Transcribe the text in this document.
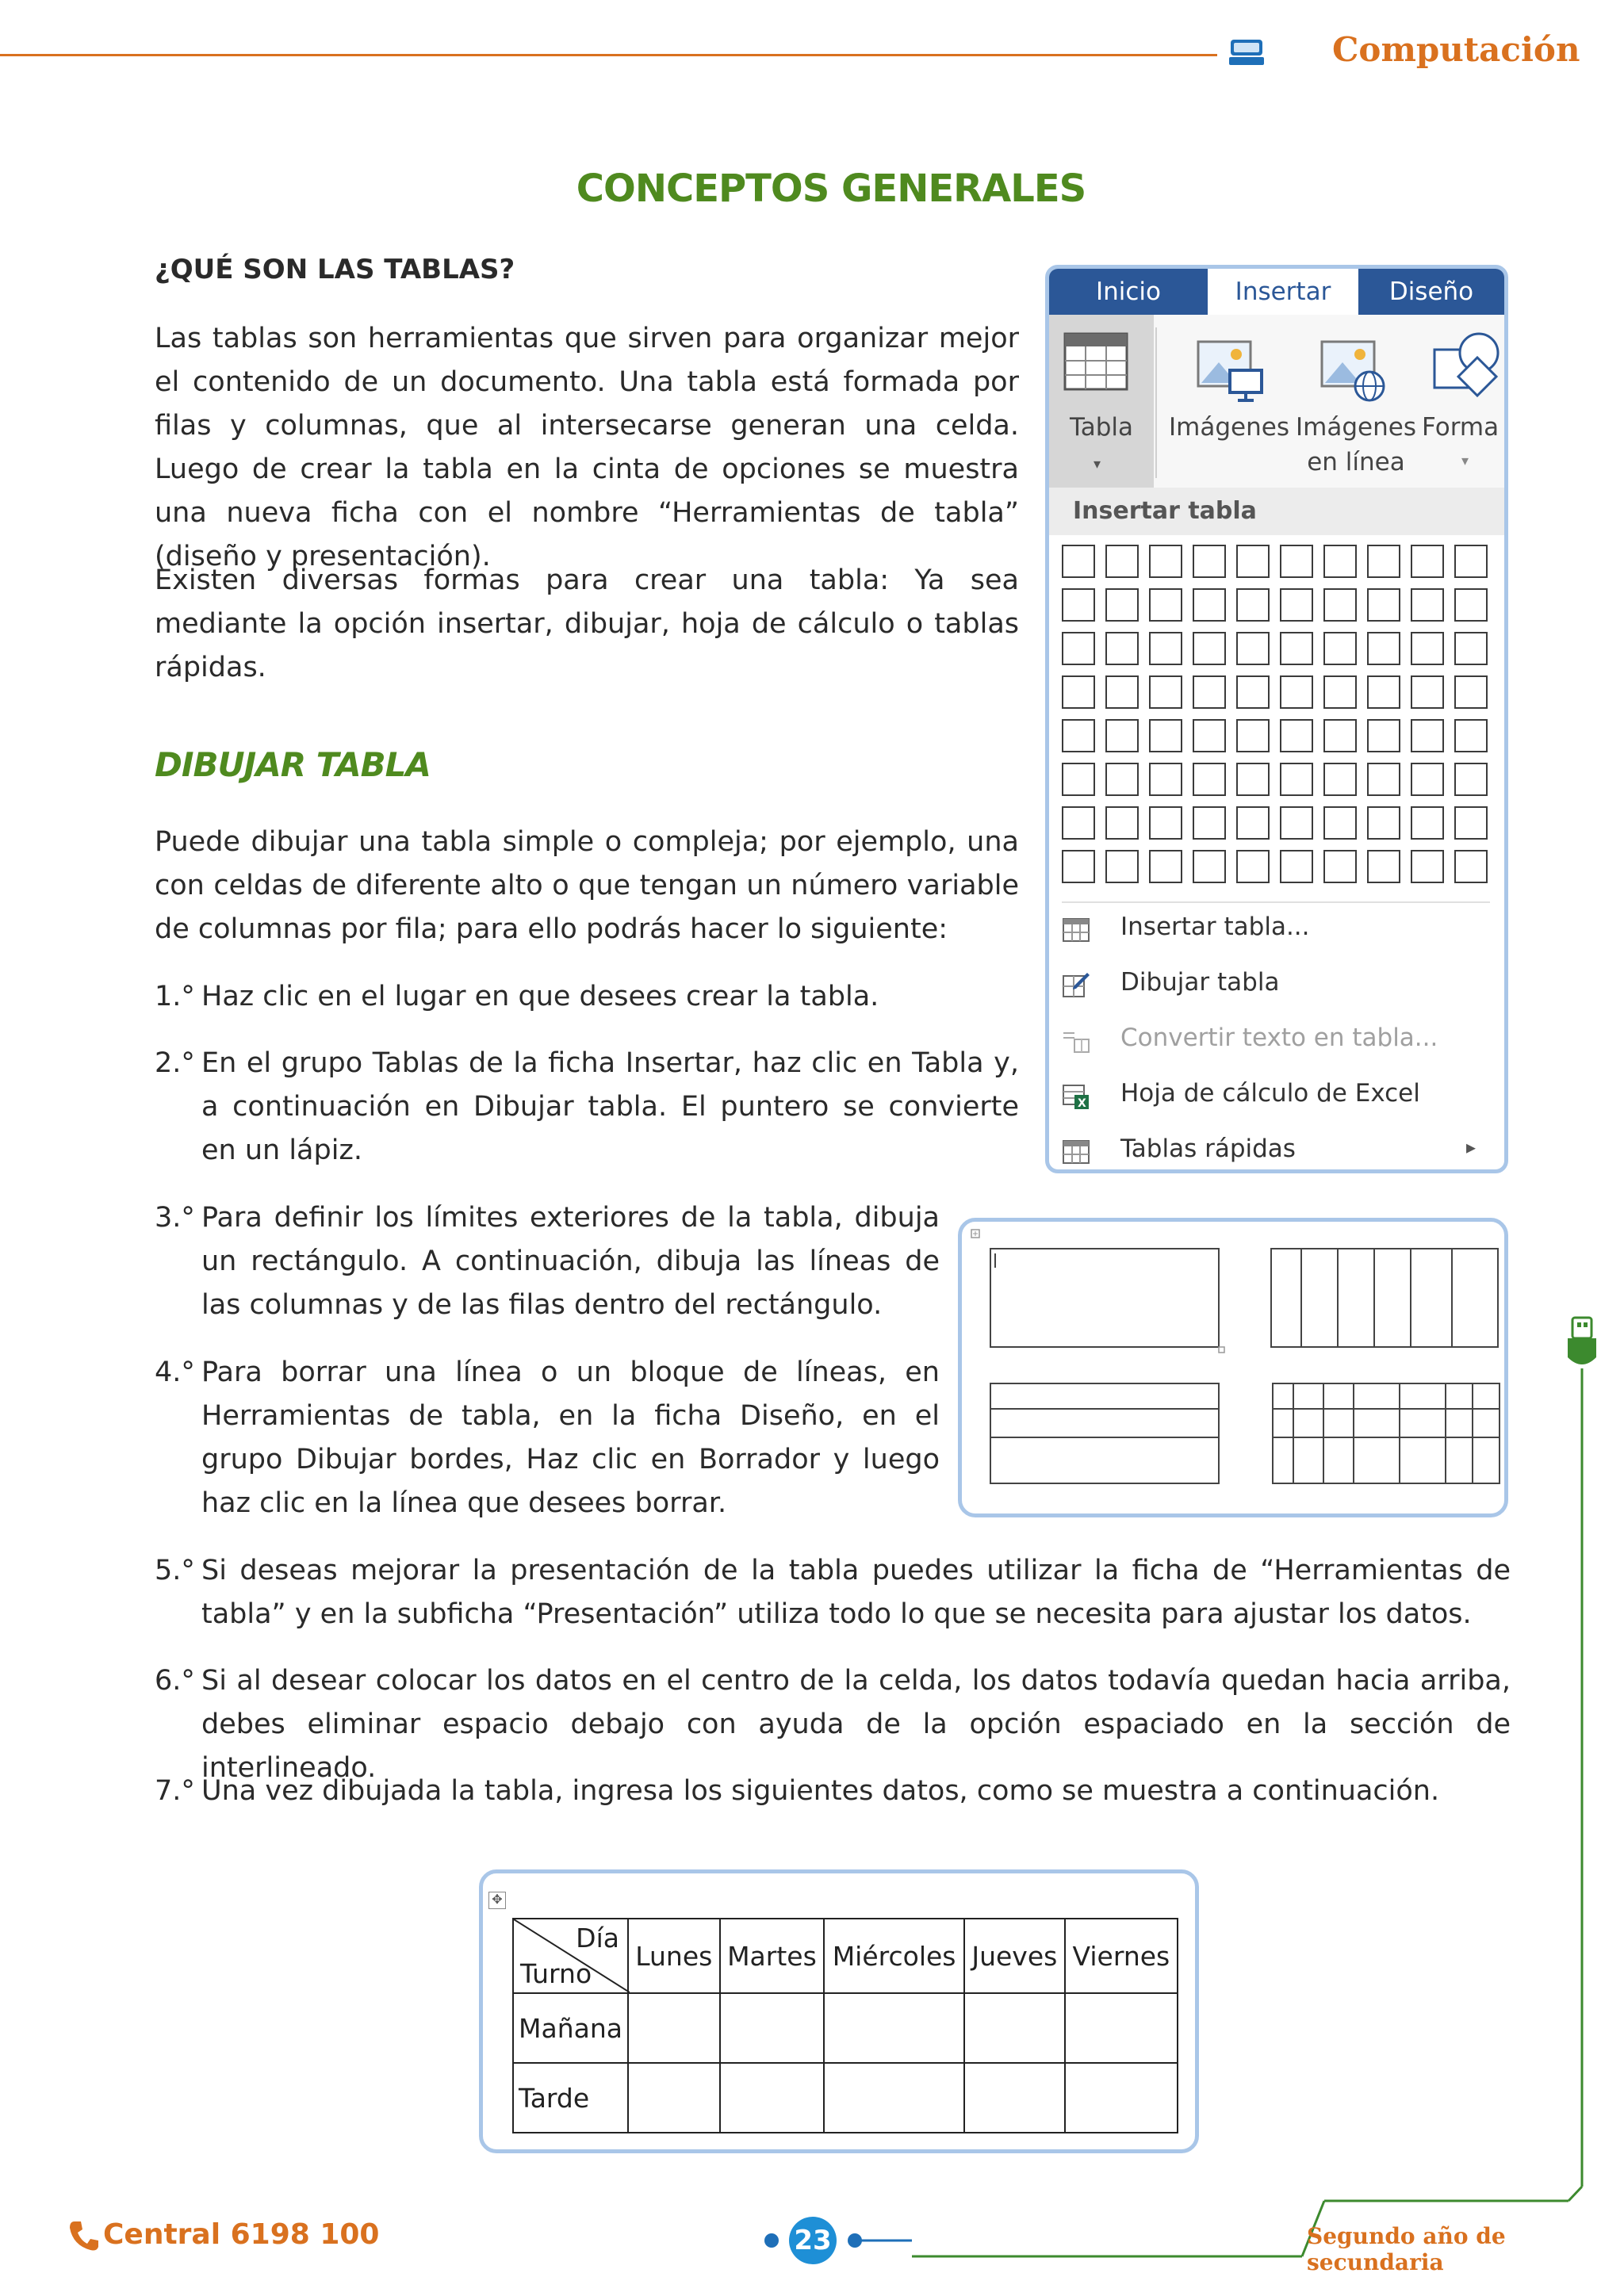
Computación
CONCEPTOS GENERALES
¿QUÉ SON LAS TABLAS?
Las tablas son herramientas que sirven para organizar mejor el contenido de un documento. Una tabla está formada por filas y columnas, que al intersecarse generan una celda. Luego de crear la tabla en la cinta de opciones se muestra una nueva ficha con el nombre “Herramientas de tabla” (diseño y presentación).
Existen diversas formas para crear una tabla: Ya sea mediante la opción insertar, dibujar, hoja de cálculo o tablas rápidas.
DIBUJAR TABLA
Puede dibujar una tabla simple o compleja; por ejemplo, una con celdas de diferente alto o que tengan un número variable de columnas por fila; para ello podrás hacer lo siguiente:
1.° Haz clic en el lugar en que desees crear la tabla.
2.° En el grupo Tablas de la ficha Insertar, haz clic en Tabla y, a continuación en Dibujar tabla. El puntero se convierte en un lápiz.
3.° Para definir los límites exteriores de la tabla, dibuja un rectángulo. A continuación, dibuja las líneas de las columnas y de las filas dentro del rectángulo.
4.° Para borrar una línea o un bloque de líneas, en Herramientas de tabla, en la ficha Diseño, en el grupo Dibujar bordes, Haz clic en Borrador y luego haz clic en la línea que desees borrar.
5.° Si deseas mejorar la presentación de la tabla puedes utilizar la ficha de “Herramientas de tabla” y en la subficha “Presentación” utiliza todo lo que se necesita para ajustar los datos.
6.° Si al desear colocar los datos en el centro de la celda, los datos todavía quedan hacia arriba, debes eliminar espacio debajo con ayuda de la opción espaciado en la sección de interlineado.
7.° Una vez dibujada la tabla, ingresa los siguientes datos, como se muestra a continuación.
Inicio	Insertar	Diseño
Tabla
▾
Imágenes Imágenes
en línea
Forma
▾
Insertar tabla
Insertar tabla...
Dibujar tabla
Convertir texto en tabla...
X Hoja de cálculo de Excel
Tablas rápidas	▸
✥
Día
Turno	Lunes	Martes	Miércoles	Jueves	Viernes
Mañana					
Tarde					
Central 6198 100	23	Segundo año de secundaria
